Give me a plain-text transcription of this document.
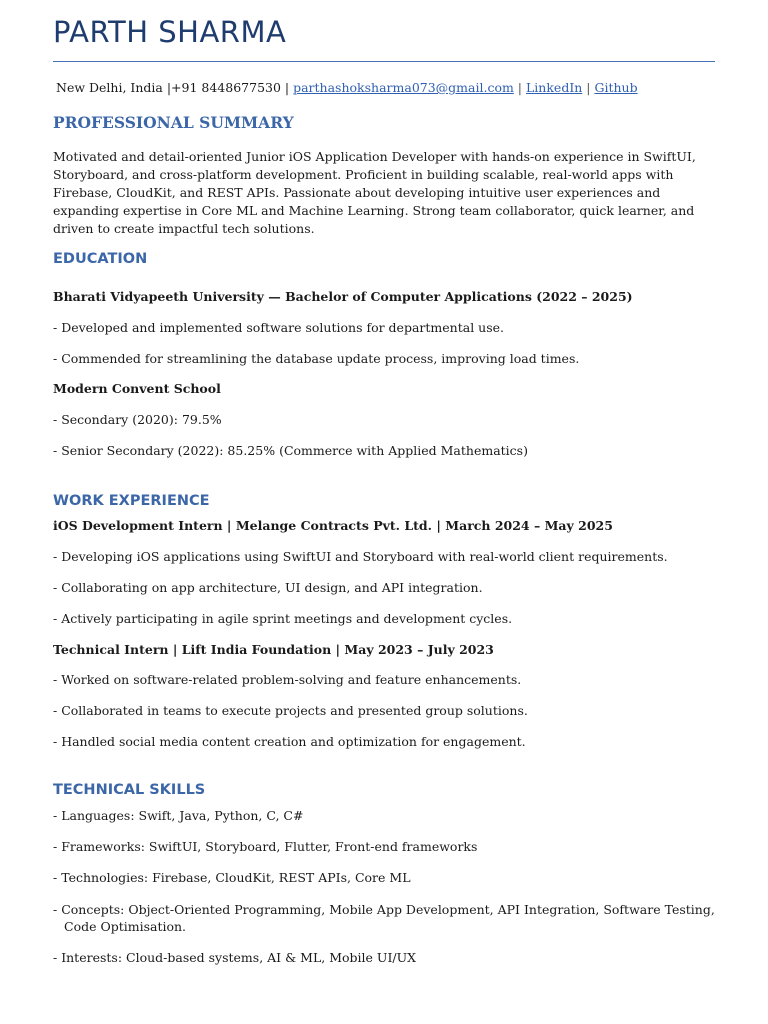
PARTH SHARMA
New Delhi, India |+91 8448677530 | parthashoksharma073@gmail.com | LinkedIn | Github
PROFESSIONAL SUMMARY
Motivated and detail-oriented Junior iOS Application Developer with hands-on experience in SwiftUI, Storyboard, and cross-platform development. Proficient in building scalable, real-world apps with Firebase, CloudKit, and REST APIs. Passionate about developing intuitive user experiences and expanding expertise in Core ML and Machine Learning. Strong team collaborator, quick learner, and driven to create impactful tech solutions.
EDUCATION
Bharati Vidyapeeth University — Bachelor of Computer Applications (2022 – 2025)
- Developed and implemented software solutions for departmental use.
- Commended for streamlining the database update process, improving load times.
Modern Convent School
- Secondary (2020): 79.5%
- Senior Secondary (2022): 85.25% (Commerce with Applied Mathematics)
WORK EXPERIENCE
iOS Development Intern | Melange Contracts Pvt. Ltd. | March 2024 – May 2025
- Developing iOS applications using SwiftUI and Storyboard with real-world client requirements.
- Collaborating on app architecture, UI design, and API integration.
- Actively participating in agile sprint meetings and development cycles.
Technical Intern | Lift India Foundation | May 2023 – July 2023
- Worked on software-related problem-solving and feature enhancements.
- Collaborated in teams to execute projects and presented group solutions.
- Handled social media content creation and optimization for engagement.
TECHNICAL SKILLS
- Languages: Swift, Java, Python, C, C#
- Frameworks: SwiftUI, Storyboard, Flutter, Front-end frameworks
- Technologies: Firebase, CloudKit, REST APIs, Core ML
- Concepts: Object-Oriented Programming, Mobile App Development, API Integration, Software Testing, Code Optimisation.
- Interests: Cloud-based systems, AI & ML, Mobile UI/UX
